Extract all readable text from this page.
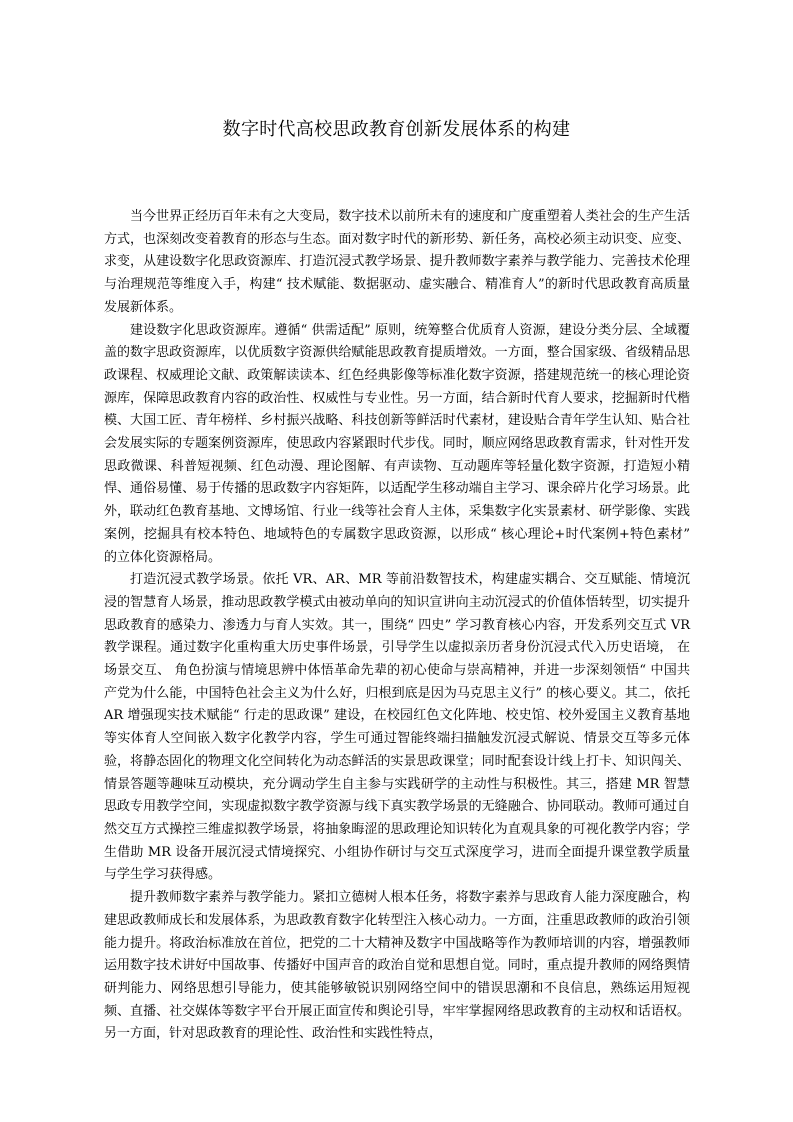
数字时代高校思政教育创新发展体系的构建

当今世界正经历百年未有之大变局，数字技术以前所未有的速度和广度重塑着人类社会的生产生活方式，也深刻改变着教育的形态与生态。面对数字时代的新形势、新任务，高校必须主动识变、应变、求变，从建设数字化思政资源库、打造沉浸式教学场景、提升教师数字素养与教学能力、完善技术伦理与治理规范等维度入手，构建“ 技术赋能、数据驱动、虚实融合、精准育人”的新时代思政教育高质量发展新体系。

建设数字化思政资源库。遵循“ 供需适配” 原则，统筹整合优质育人资源，建设分类分层、全域覆盖的数字思政资源库，以优质数字资源供给赋能思政教育提质增效。一方面，整合国家级、省级精品思政课程、权威理论文献、政策解读读本、红色经典影像等标准化数字资源，搭建规范统一的核心理论资源库，保障思政教育内容的政治性、权威性与专业性。另一方面，结合新时代育人要求，挖掘新时代楷模、大国工匠、青年榜样、乡村振兴战略、科技创新等鲜活时代素材，建设贴合青年学生认知、贴合社会发展实际的专题案例资源库，使思政内容紧跟时代步伐。同时，顺应网络思政教育需求，针对性开发思政微课、科普短视频、红色动漫、理论图解、有声读物、互动题库等轻量化数字资源，打造短小精悍、通俗易懂、易于传播的思政数字内容矩阵，以适配学生移动端自主学习、课余碎片化学习场景。此外，联动红色教育基地、文博场馆、行业一线等社会育人主体，采集数字化实景素材、研学影像、实践案例，挖掘具有校本特色、地域特色的专属数字思政资源，以形成“ 核心理论+时代案例+特色素材” 的立体化资源格局。

打造沉浸式教学场景。依托 VR、AR、MR 等前沿数智技术，构建虚实耦合、交互赋能、情境沉浸的智慧育人场景，推动思政教学模式由被动单向的知识宣讲向主动沉浸式的价值体悟转型，切实提升思政教育的感染力、渗透力与育人实效。其一，围绕“ 四史” 学习教育核心内容，开发系列交互式 VR 教学课程。通过数字化重构重大历史事件场景，引导学生以虚拟亲历者身份沉浸式代入历史语境， 在场景交互、 角色扮演与情境思辨中体悟革命先辈的初心使命与崇高精神，并进一步深刻领悟“ 中国共产党为什么能，中国特色社会主义为什么好，归根到底是因为马克思主义行” 的核心要义。其二，依托 AR 增强现实技术赋能“ 行走的思政课” 建设，在校园红色文化阵地、校史馆、校外爱国主义教育基地等实体育人空间嵌入数字化教学内容，学生可通过智能终端扫描触发沉浸式解说、情景交互等多元体验，将静态固化的物理文化空间转化为动态鲜活的实景思政课堂；同时配套设计线上打卡、知识闯关、情景答题等趣味互动模块，充分调动学生自主参与实践研学的主动性与积极性。其三，搭建 MR 智慧思政专用教学空间，实现虚拟数字教学资源与线下真实教学场景的无缝融合、协同联动。教师可通过自然交互方式操控三维虚拟教学场景，将抽象晦涩的思政理论知识转化为直观具象的可视化教学内容；学生借助 MR 设备开展沉浸式情境探究、小组协作研讨与交互式深度学习，进而全面提升课堂教学质量与学生学习获得感。

提升教师数字素养与教学能力。紧扣立德树人根本任务，将数字素养与思政育人能力深度融合，构建思政教师成长和发展体系，为思政教育数字化转型注入核心动力。一方面，注重思政教师的政治引领能力提升。将政治标准放在首位，把党的二十大精神及数字中国战略等作为教师培训的内容，增强教师运用数字技术讲好中国故事、传播好中国声音的政治自觉和思想自觉。同时，重点提升教师的网络舆情研判能力、网络思想引导能力，使其能够敏锐识别网络空间中的错误思潮和不良信息，熟练运用短视频、直播、社交媒体等数字平台开展正面宣传和舆论引导，牢牢掌握网络思政教育的主动权和话语权。另一方面，针对思政教育的理论性、政治性和实践性特点，
